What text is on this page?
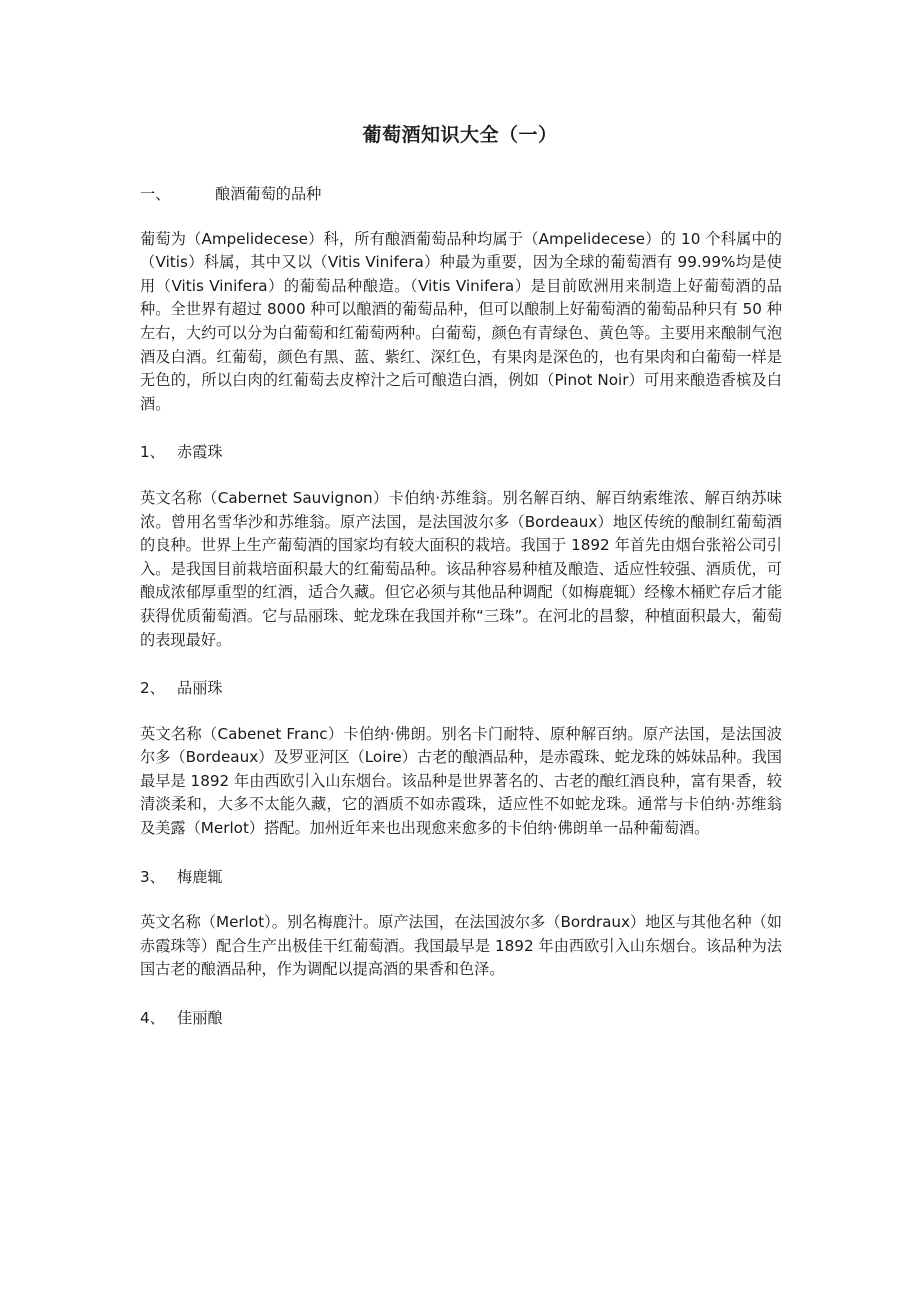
葡萄酒知识大全（一）

一、	酿酒葡萄的品种

葡萄为（Ampelidecese）科，所有酿酒葡萄品种均属于（Ampelidecese）的 10 个科属中的（Vitis）科属，其中又以（Vitis Vinifera）种最为重要，因为全球的葡萄酒有 99.99%均是使用（Vitis Vinifera）的葡萄品种酿造。（Vitis Vinifera）是目前欧洲用来制造上好葡萄酒的品种。全世界有超过 8000 种可以酿酒的葡萄品种，但可以酿制上好葡萄酒的葡萄品种只有 50 种左右，大约可以分为白葡萄和红葡萄两种。白葡萄，颜色有青绿色、黄色等。主要用来酿制气泡酒及白酒。红葡萄，颜色有黑、蓝、紫红、深红色，有果肉是深色的，也有果肉和白葡萄一样是无色的，所以白肉的红葡萄去皮榨汁之后可酿造白酒，例如（Pinot Noir）可用来酿造香槟及白酒。

1、 赤霞珠

英文名称（Cabernet Sauvignon）卡伯纳·苏维翁。别名解百纳、解百纳索维浓、解百纳苏味浓。曾用名雪华沙和苏维翁。原产法国，是法国波尔多（Bordeaux）地区传统的酿制红葡萄酒的良种。世界上生产葡萄酒的国家均有较大面积的栽培。我国于 1892 年首先由烟台张裕公司引入。是我国目前栽培面积最大的红葡萄品种。该品种容易种植及酿造、适应性较强、酒质优，可酿成浓郁厚重型的红酒，适合久藏。但它必须与其他品种调配（如梅鹿辄）经橡木桶贮存后才能获得优质葡萄酒。它与品丽珠、蛇龙珠在我国并称“三珠”。在河北的昌黎，种植面积最大，葡萄的表现最好。

2、 品丽珠

英文名称（Cabenet Franc）卡伯纳·佛朗。别名卡门耐特、原种解百纳。原产法国，是法国波尔多（Bordeaux）及罗亚河区（Loire）古老的酿酒品种，是赤霞珠、蛇龙珠的姊妹品种。我国最早是 1892 年由西欧引入山东烟台。该品种是世界著名的、古老的酿红酒良种，富有果香，较清淡柔和，大多不太能久藏，它的酒质不如赤霞珠，适应性不如蛇龙珠。通常与卡伯纳·苏维翁及美露（Merlot）搭配。加州近年来也出现愈来愈多的卡伯纳·佛朗单一品种葡萄酒。

3、 梅鹿辄

英文名称（Merlot）。别名梅鹿汁。原产法国，在法国波尔多（Bordraux）地区与其他名种（如赤霞珠等）配合生产出极佳干红葡萄酒。我国最早是 1892 年由西欧引入山东烟台。该品种为法国古老的酿酒品种，作为调配以提高酒的果香和色泽。

4、 佳丽酿
